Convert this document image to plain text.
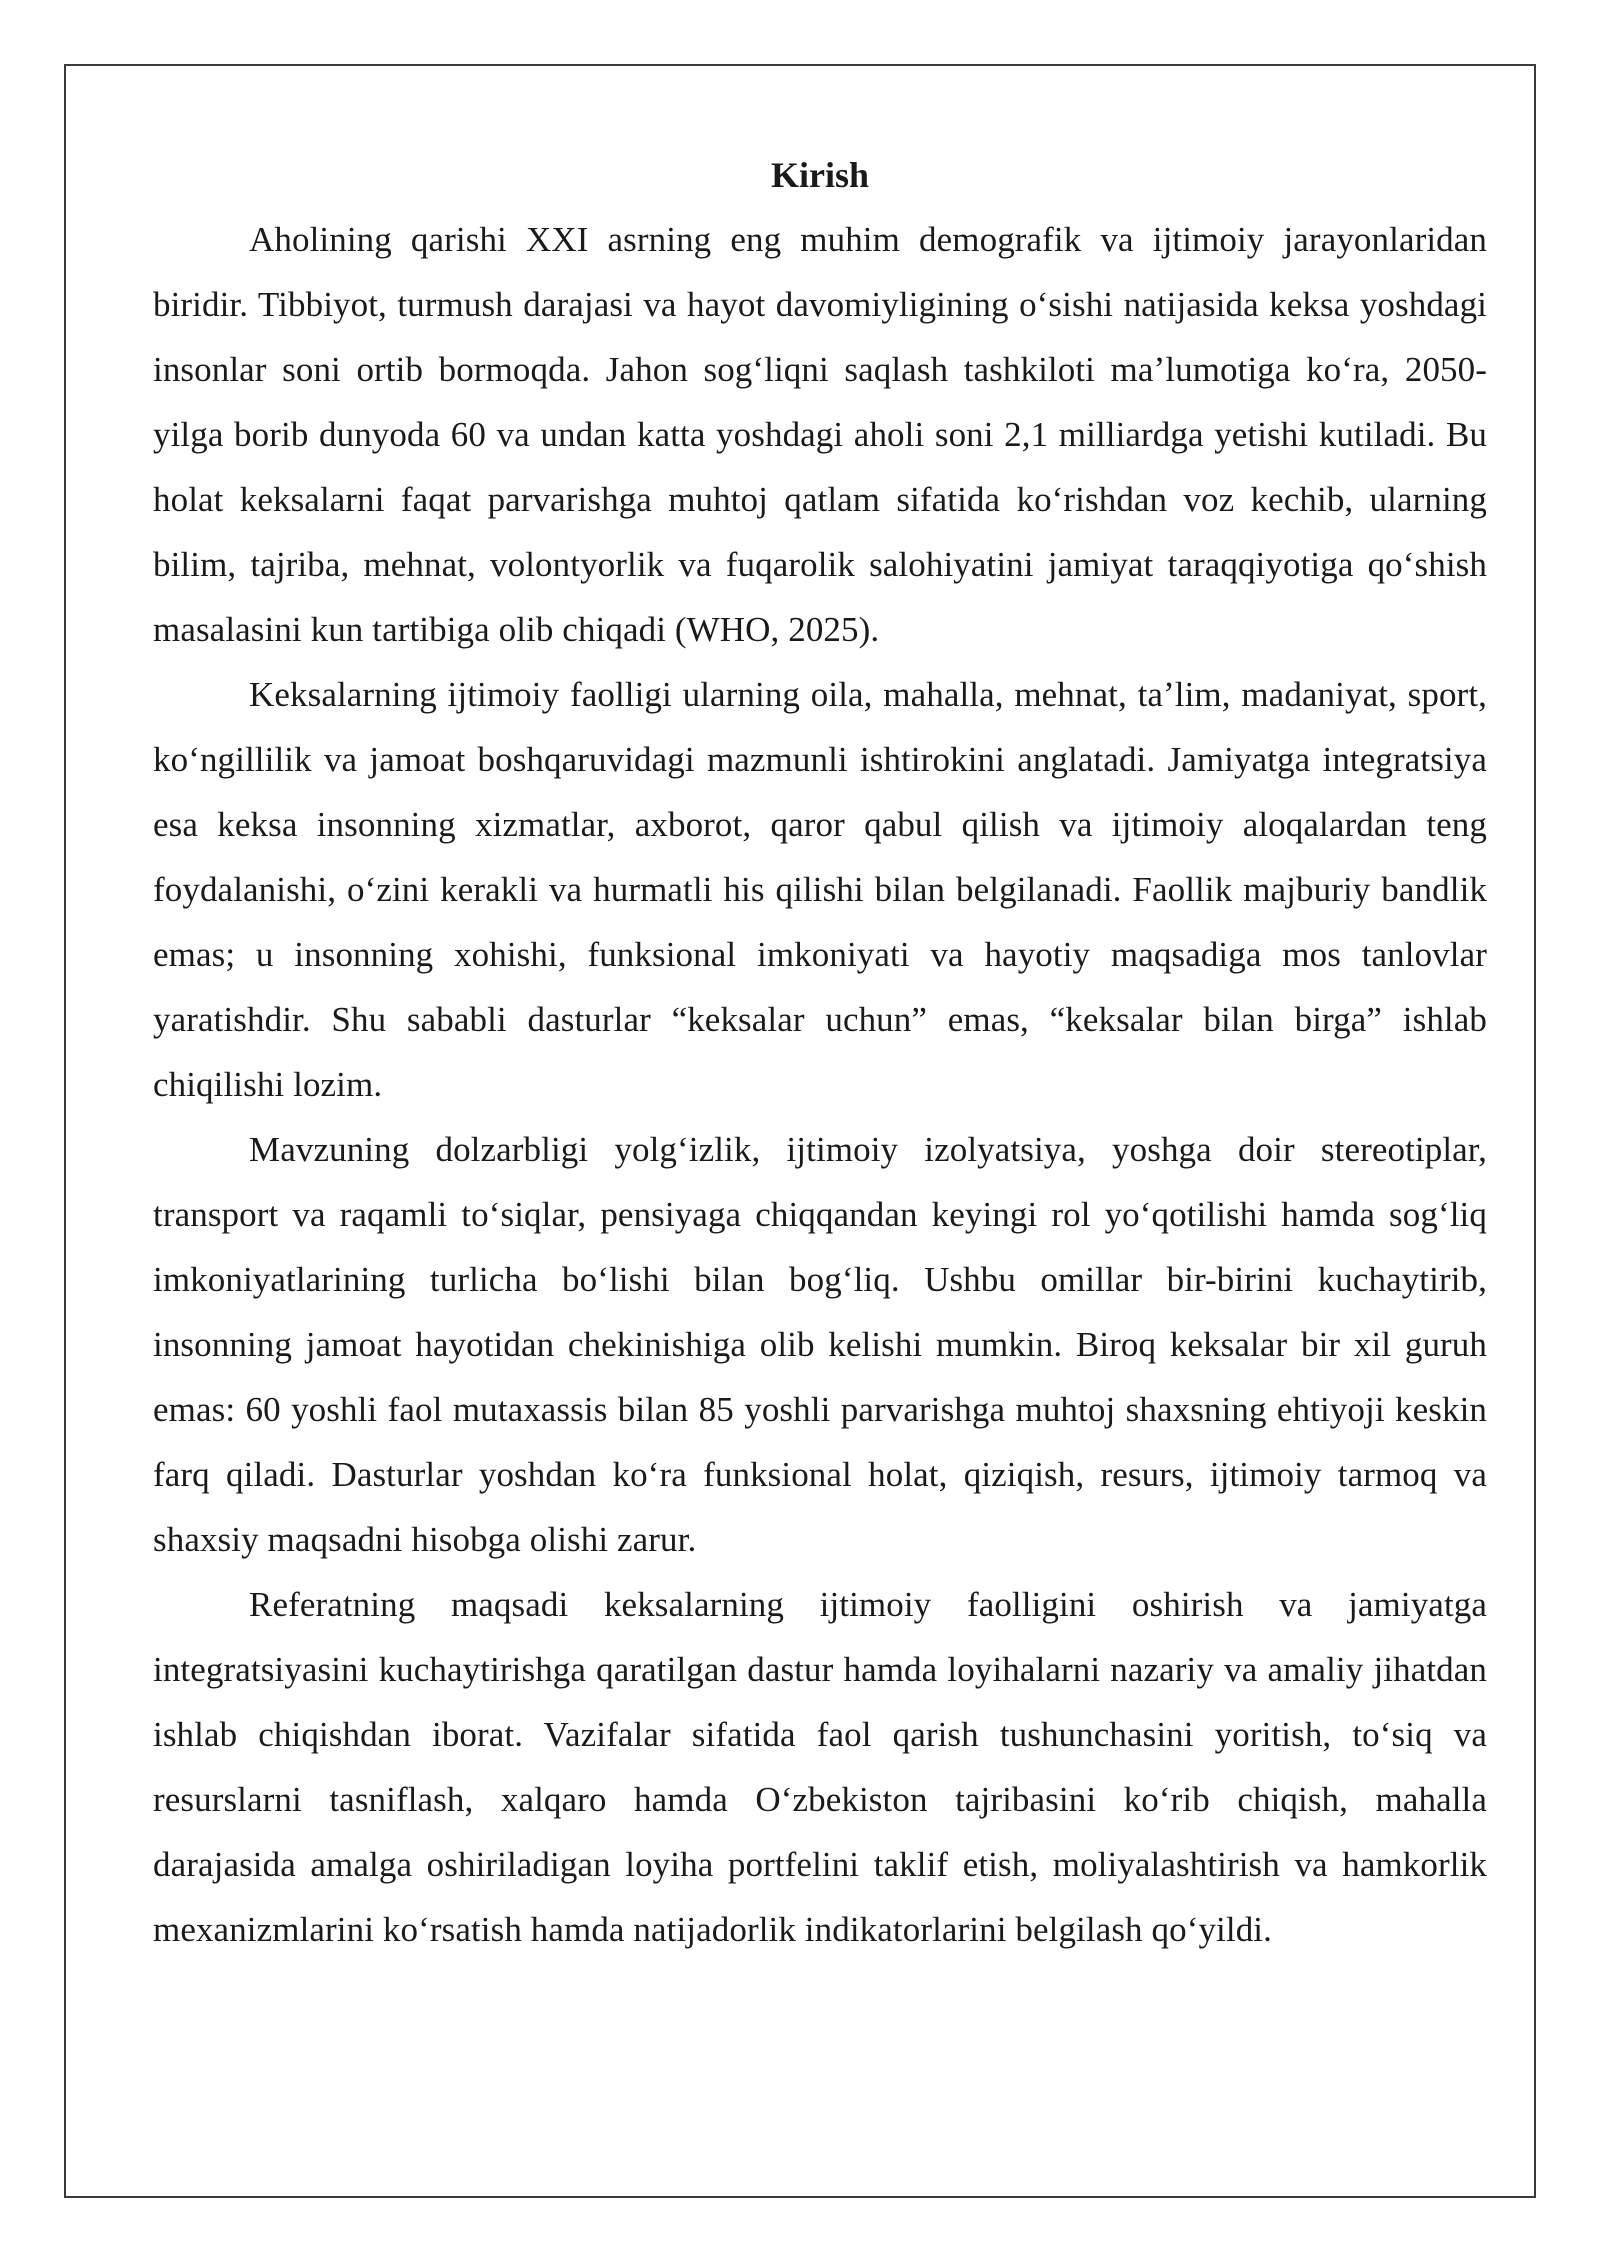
Kirish

Aholining qarishi XXI asrning eng muhim demografik va ijtimoiy jarayonlaridan biridir. Tibbiyot, turmush darajasi va hayot davomiyligining oʻsishi natijasida keksa yoshdagi insonlar soni ortib bormoqda. Jahon sogʻliqni saqlash tashkiloti maʼlumotiga koʻra, 2050-yilga borib dunyoda 60 va undan katta yoshdagi aholi soni 2,1 milliardga yetishi kutiladi. Bu holat keksalarni faqat parvarishga muhtoj qatlam sifatida koʻrishdan voz kechib, ularning bilim, tajriba, mehnat, volontyorlik va fuqarolik salohiyatini jamiyat taraqqiyotiga qoʻshish masalasini kun tartibiga olib chiqadi (WHO, 2025).

Keksalarning ijtimoiy faolligi ularning oila, mahalla, mehnat, taʼlim, madaniyat, sport, koʻngillilik va jamoat boshqaruvidagi mazmunli ishtirokini anglatadi. Jamiyatga integratsiya esa keksa insonning xizmatlar, axborot, qaror qabul qilish va ijtimoiy aloqalardan teng foydalanishi, oʻzini kerakli va hurmatli his qilishi bilan belgilanadi. Faollik majburiy bandlik emas; u insonning xohishi, funksional imkoniyati va hayotiy maqsadiga mos tanlovlar yaratishdir. Shu sababli dasturlar “keksalar uchun” emas, “keksalar bilan birga” ishlab chiqilishi lozim.

Mavzuning dolzarbligi yolgʻizlik, ijtimoiy izolyatsiya, yoshga doir stereotiplar, transport va raqamli toʻsiqlar, pensiyaga chiqqandan keyingi rol yoʻqotilishi hamda sogʻliq imkoniyatlarining turlicha boʻlishi bilan bogʻliq. Ushbu omillar bir-birini kuchaytirib, insonning jamoat hayotidan chekinishiga olib kelishi mumkin. Biroq keksalar bir xil guruh emas: 60 yoshli faol mutaxassis bilan 85 yoshli parvarishga muhtoj shaxsning ehtiyoji keskin farq qiladi. Dasturlar yoshdan koʻra funksional holat, qiziqish, resurs, ijtimoiy tarmoq va shaxsiy maqsadni hisobga olishi zarur.

Referatning maqsadi keksalarning ijtimoiy faolligini oshirish va jamiyatga integratsiyasini kuchaytirishga qaratilgan dastur hamda loyihalarni nazariy va amaliy jihatdan ishlab chiqishdan iborat. Vazifalar sifatida faol qarish tushunchasini yoritish, toʻsiq va resurslarni tasniflash, xalqaro hamda Oʻzbekiston tajribasini koʻrib chiqish, mahalla darajasida amalga oshiriladigan loyiha portfelini taklif etish, moliyalashtirish va hamkorlik mexanizmlarini koʻrsatish hamda natijadorlik indikatorlarini belgilash qoʻyildi.
